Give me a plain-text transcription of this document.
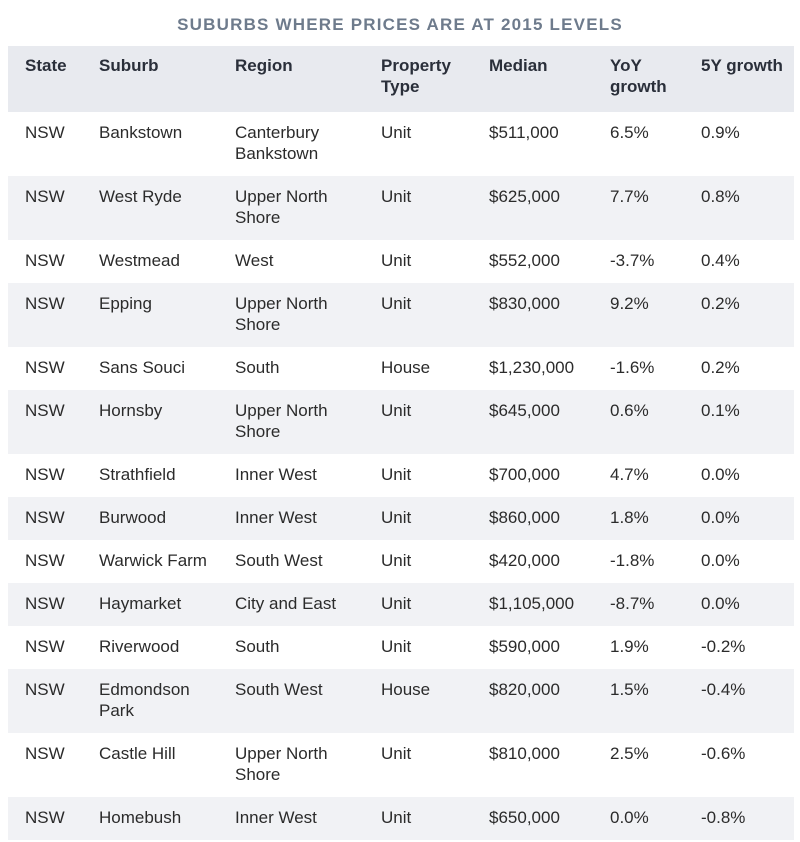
SUBURBS WHERE PRICES ARE AT 2015 LEVELS
State	Suburb	Region	Property Type	Median	YoY growth	5Y growth
NSW	Bankstown	Canterbury Bankstown	Unit	$511,000	6.5%	0.9%
NSW	West Ryde	Upper North Shore	Unit	$625,000	7.7%	0.8%
NSW	Westmead	West	Unit	$552,000	-3.7%	0.4%
NSW	Epping	Upper North Shore	Unit	$830,000	9.2%	0.2%
NSW	Sans Souci	South	House	$1,230,000	-1.6%	0.2%
NSW	Hornsby	Upper North Shore	Unit	$645,000	0.6%	0.1%
NSW	Strathfield	Inner West	Unit	$700,000	4.7%	0.0%
NSW	Burwood	Inner West	Unit	$860,000	1.8%	0.0%
NSW	Warwick Farm	South West	Unit	$420,000	-1.8%	0.0%
NSW	Haymarket	City and East	Unit	$1,105,000	-8.7%	0.0%
NSW	Riverwood	South	Unit	$590,000	1.9%	-0.2%
NSW	Edmondson Park	South West	House	$820,000	1.5%	-0.4%
NSW	Castle Hill	Upper North Shore	Unit	$810,000	2.5%	-0.6%
NSW	Homebush	Inner West	Unit	$650,000	0.0%	-0.8%
